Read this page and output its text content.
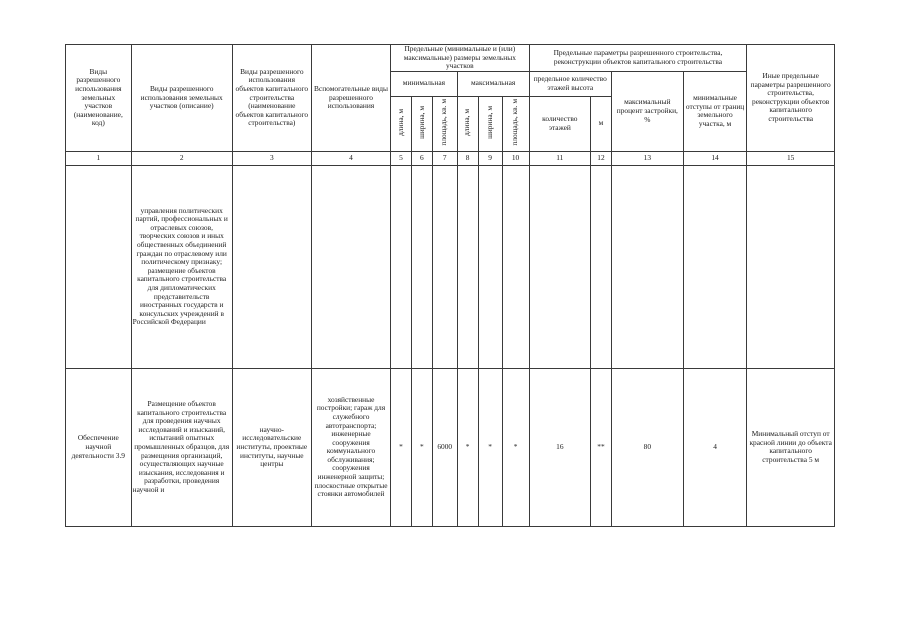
Виды разрешенного использования земельных участков (наименование, код)	Виды разрешенного использования земельных участков (описание)	Виды разрешенного использования объектов капитального строительства (наименование объектов капитального строительства)	Вспомогательные виды разрешенного использования	Предельные (минимальные и (или) максимальные) размеры земельных участков						Предельные параметры разрешенного строительства, реконструкции объектов капитального строительства				Иные предельные параметры разрешенного строительства, реконструкции объектов капитального строительства
				минимальная			максимальная			предельное количество этажей высота		максимальный процент застройки, %	минимальные отступы от границ земельного участка, м	

				длина, м	ширина, м	площадь, кв. м	длина, м	ширина, м	площадь, кв. м	количество этажей	м			
1	2	3	4	5	6	7	8	9	10	11	12	13	14	15
	управления политических партий, профессиональных и отраслевых союзов, творческих союзов и иных общественных объединений граждан по отраслевому или политическому признаку; размещение объектов капитального строительства для дипломатических представительств иностранных государств и консульских учреждений в Российской Федерации													
Обеспечение научной деятельности 3.9	Размещение объектов капитального строительства для проведения научных исследований и изысканий, испытаний опытных промышленных образцов, для размещения организаций, осуществляющих научные изыскания, исследования и разработки, проведения научной и	научно-исследовательские институты, проектные институты, научные центры	хозяйственные постройки; гараж для служебного автотранспорта; инженерные сооружения коммунального обслуживания; сооружения инженерной защиты; плоскостные открытые стоянки автомобилей	*	*	6000	*	*	*	16	**	80	4	Минимальный отступ от красной линии до объекта капитального строительства 5 м
